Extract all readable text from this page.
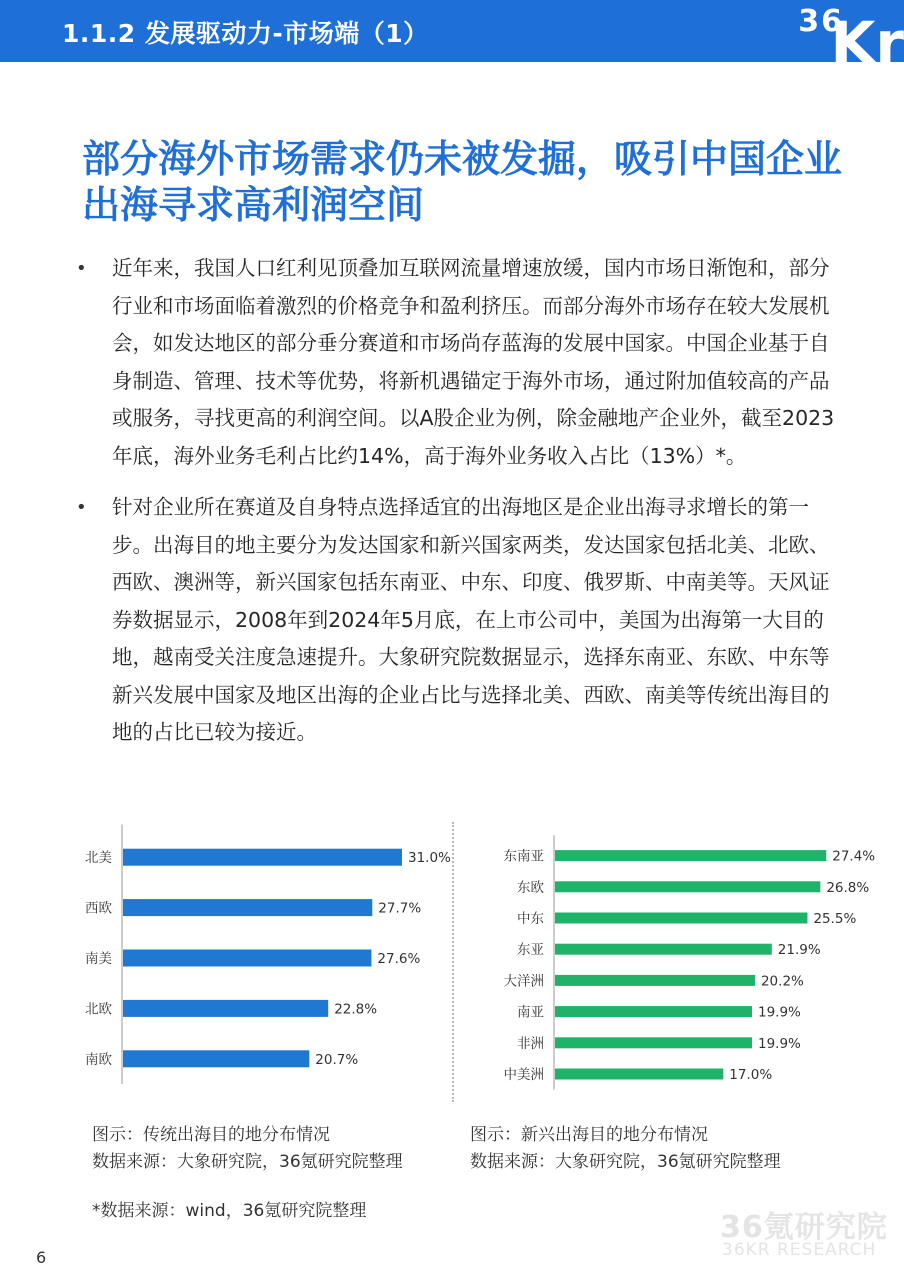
1.1.2 发展驱动力-市场端（1）	36
Kr
部分海外市场需求仍未被发掘，吸引中国企业
出海寻求高利润空间
• 近年来，我国人口红利见顶叠加互联网流量增速放缓，国内市场日渐饱和，部分行业和市场面临着激烈的价格竞争和盈利挤压。而部分海外市场存在较大发展机会，如发达地区的部分垂分赛道和市场尚存蓝海的发展中国家。中国企业基于自身制造、管理、技术等优势，将新机遇锚定于海外市场，通过附加值较高的产品或服务，寻找更高的利润空间。以A股企业为例，除金融地产企业外，截至2023年底，海外业务毛利占比约14%，高于海外业务收入占比（13%）*。
• 针对企业所在赛道及自身特点选择适宜的出海地区是企业出海寻求增长的第一步。出海目的地主要分为发达国家和新兴国家两类，发达国家包括北美、北欧、西欧、澳洲等，新兴国家包括东南亚、中东、印度、俄罗斯、中南美等。天风证券数据显示，2008年到2024年5月底，在上市公司中，美国为出海第一大目的地，越南受关注度急速提升。大象研究院数据显示，选择东南亚、东欧、中东等新兴发展中国家及地区出海的企业占比与选择北美、西欧、南美等传统出海目的地的占比已较为接近。
北美	31.0%
西欧	27.7%
南美	27.6%
北欧	22.8%
南欧	20.7%
东南亚	27.4%
东欧	26.8%
中东	25.5%
东亚	21.9%
大洋洲	20.2%
南亚	19.9%
非洲	19.9%
中美洲	17.0%
图示：传统出海目的地分布情况
数据来源：大象研究院，36氪研究院整理
图示：新兴出海目的地分布情况
数据来源：大象研究院，36氪研究院整理
*数据来源：wind，36氪研究院整理	36氪研究院
36KR RESEARCH
6
